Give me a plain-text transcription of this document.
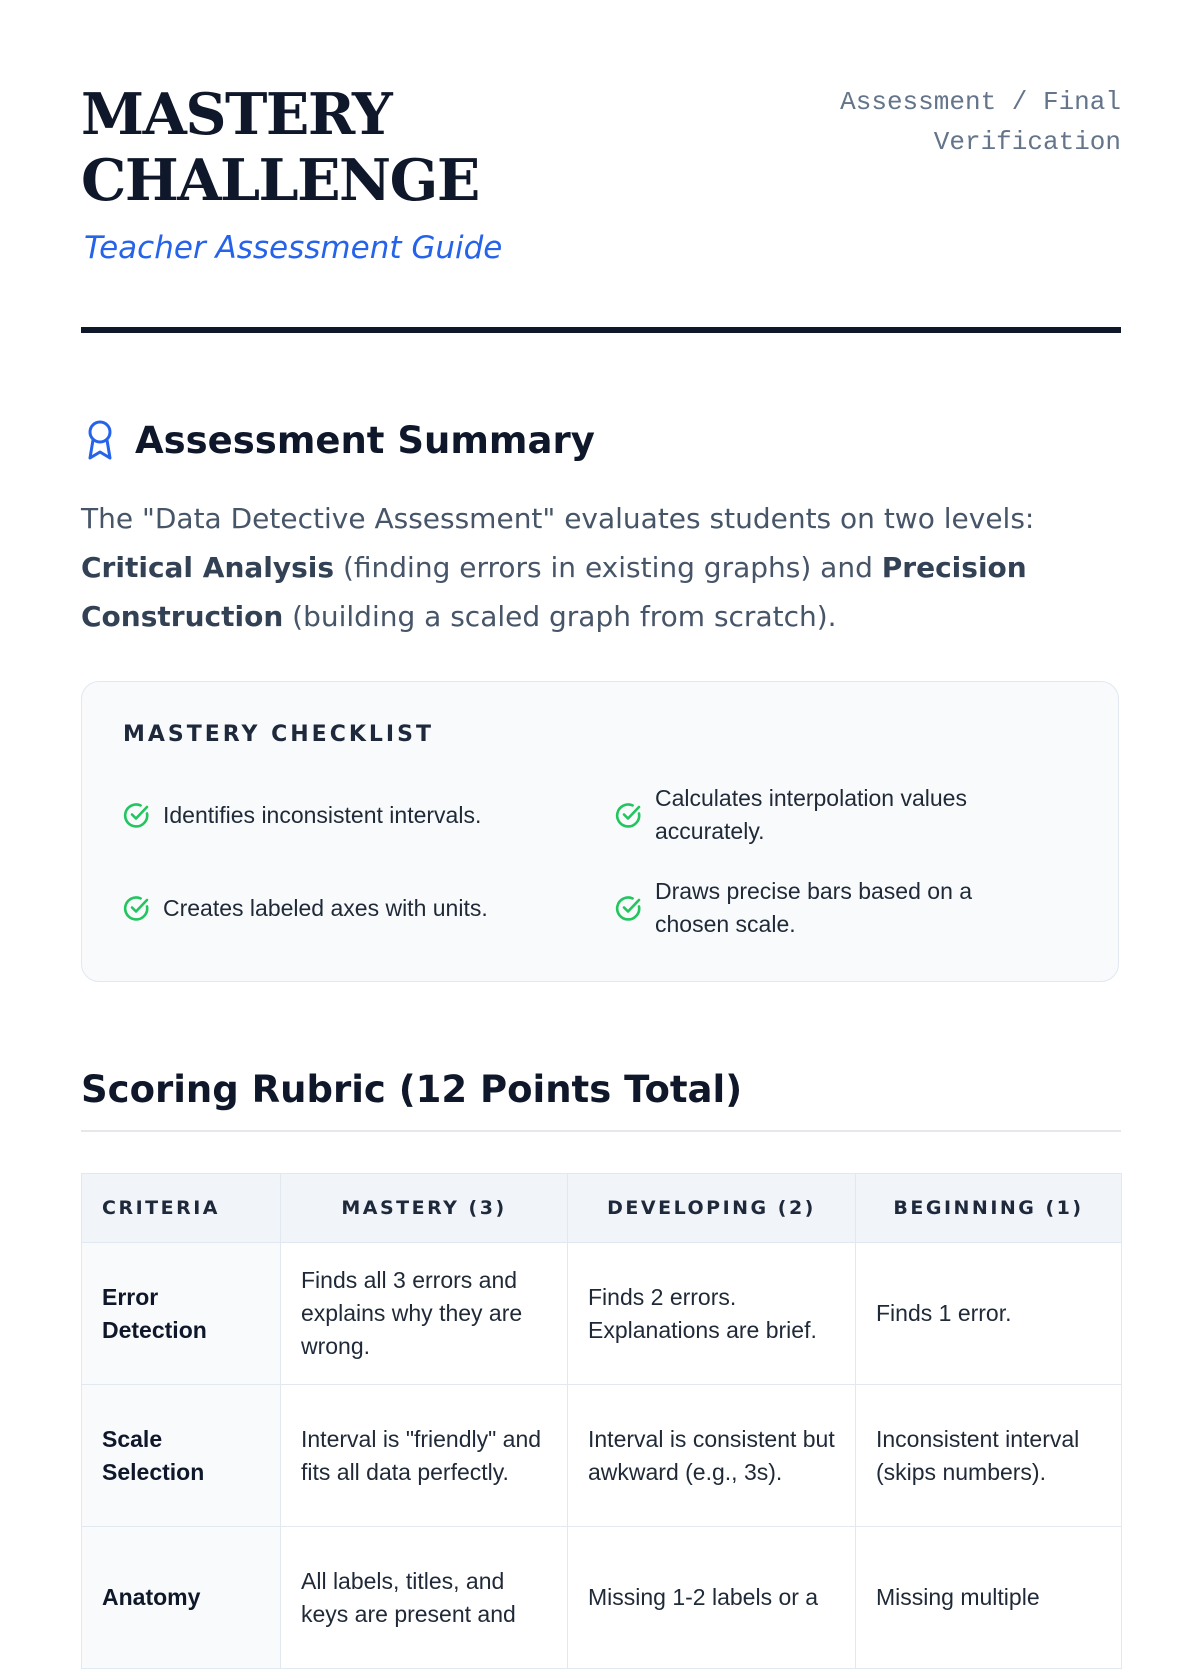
MASTERY
CHALLENGE
Teacher Assessment Guide
Assessment / Final
Verification
Assessment Summary

The "Data Detective Assessment" evaluates students on two levels:
Critical Analysis (finding errors in existing graphs) and Precision Construction (building a scaled graph from scratch).

MASTERY CHECKLIST
Identifies inconsistent intervals.
Calculates interpolation values accurately.
Creates labeled axes with units.
Draws precise bars based on a chosen scale.
Scoring Rubric (12 Points Total)
CRITERIA	MASTERY (3)	DEVELOPING (2)	BEGINNING (1)
Error Detection	Finds all 3 errors and explains why they are wrong.	Finds 2 errors. Explanations are brief.	Finds 1 error.
Scale Selection	Interval is "friendly" and fits all data perfectly.	Interval is consistent but awkward (e.g., 3s).	Inconsistent interval (skips numbers).
Anatomy	All labels, titles, and keys are present and	Missing 1-2 labels or a	Missing multiple
